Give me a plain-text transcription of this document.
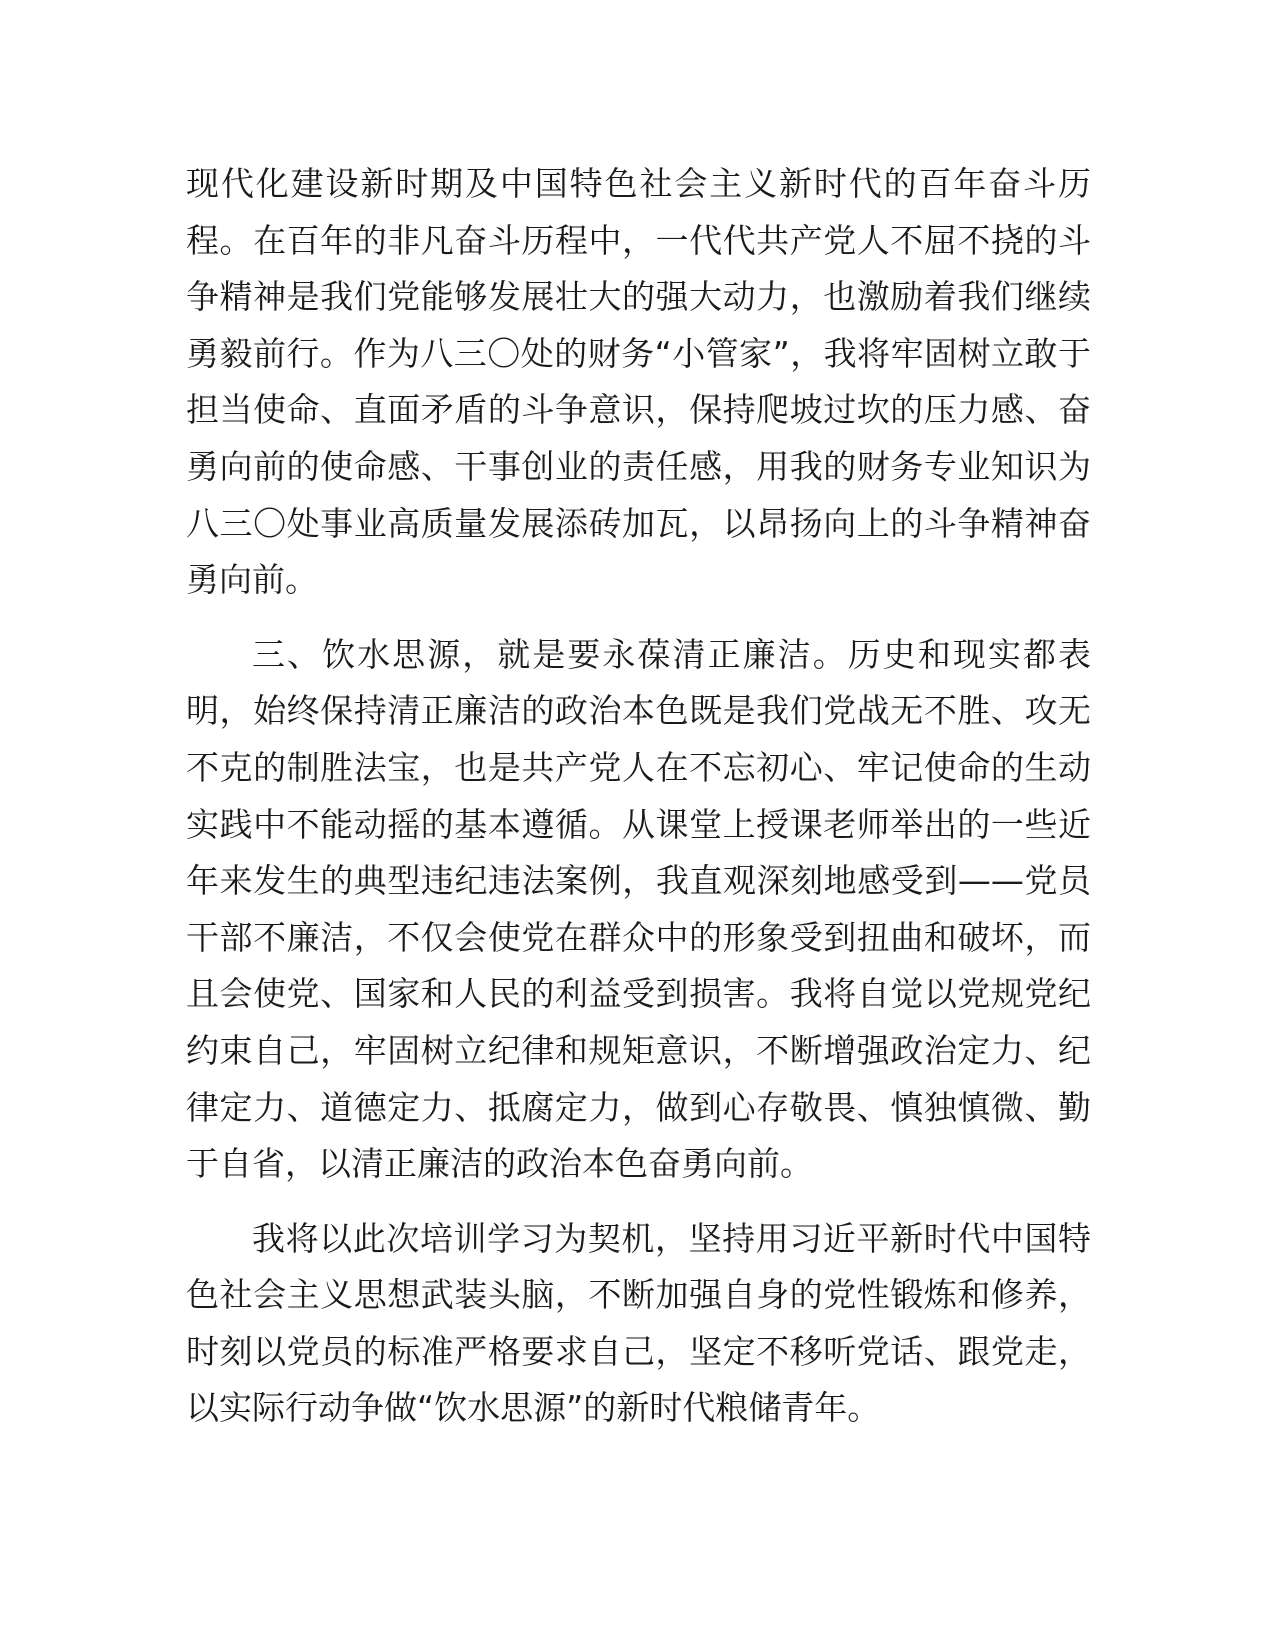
现代化建设新时期及中国特色社会主义新时代的百年奋斗历程。在百年的非凡奋斗历程中，一代代共产党人不屈不挠的斗争精神是我们党能够发展壮大的强大动力，也激励着我们继续勇毅前行。作为八三〇处的财务“小管家”，我将牢固树立敢于担当使命、直面矛盾的斗争意识，保持爬坡过坎的压力感、奋勇向前的使命感、干事创业的责任感，用我的财务专业知识为八三〇处事业高质量发展添砖加瓦，以昂扬向上的斗争精神奋勇向前。

三、饮水思源，就是要永葆清正廉洁。历史和现实都表明，始终保持清正廉洁的政治本色既是我们党战无不胜、攻无不克的制胜法宝，也是共产党人在不忘初心、牢记使命的生动实践中不能动摇的基本遵循。从课堂上授课老师举出的一些近年来发生的典型违纪违法案例，我直观深刻地感受到——党员干部不廉洁，不仅会使党在群众中的形象受到扭曲和破坏，而且会使党、国家和人民的利益受到损害。我将自觉以党规党纪约束自己，牢固树立纪律和规矩意识，不断增强政治定力、纪律定力、道德定力、抵腐定力，做到心存敬畏、慎独慎微、勤于自省，以清正廉洁的政治本色奋勇向前。

我将以此次培训学习为契机，坚持用习近平新时代中国特色社会主义思想武装头脑，不断加强自身的党性锻炼和修养，时刻以党员的标准严格要求自己，坚定不移听党话、跟党走，以实际行动争做“饮水思源”的新时代粮储青年。
